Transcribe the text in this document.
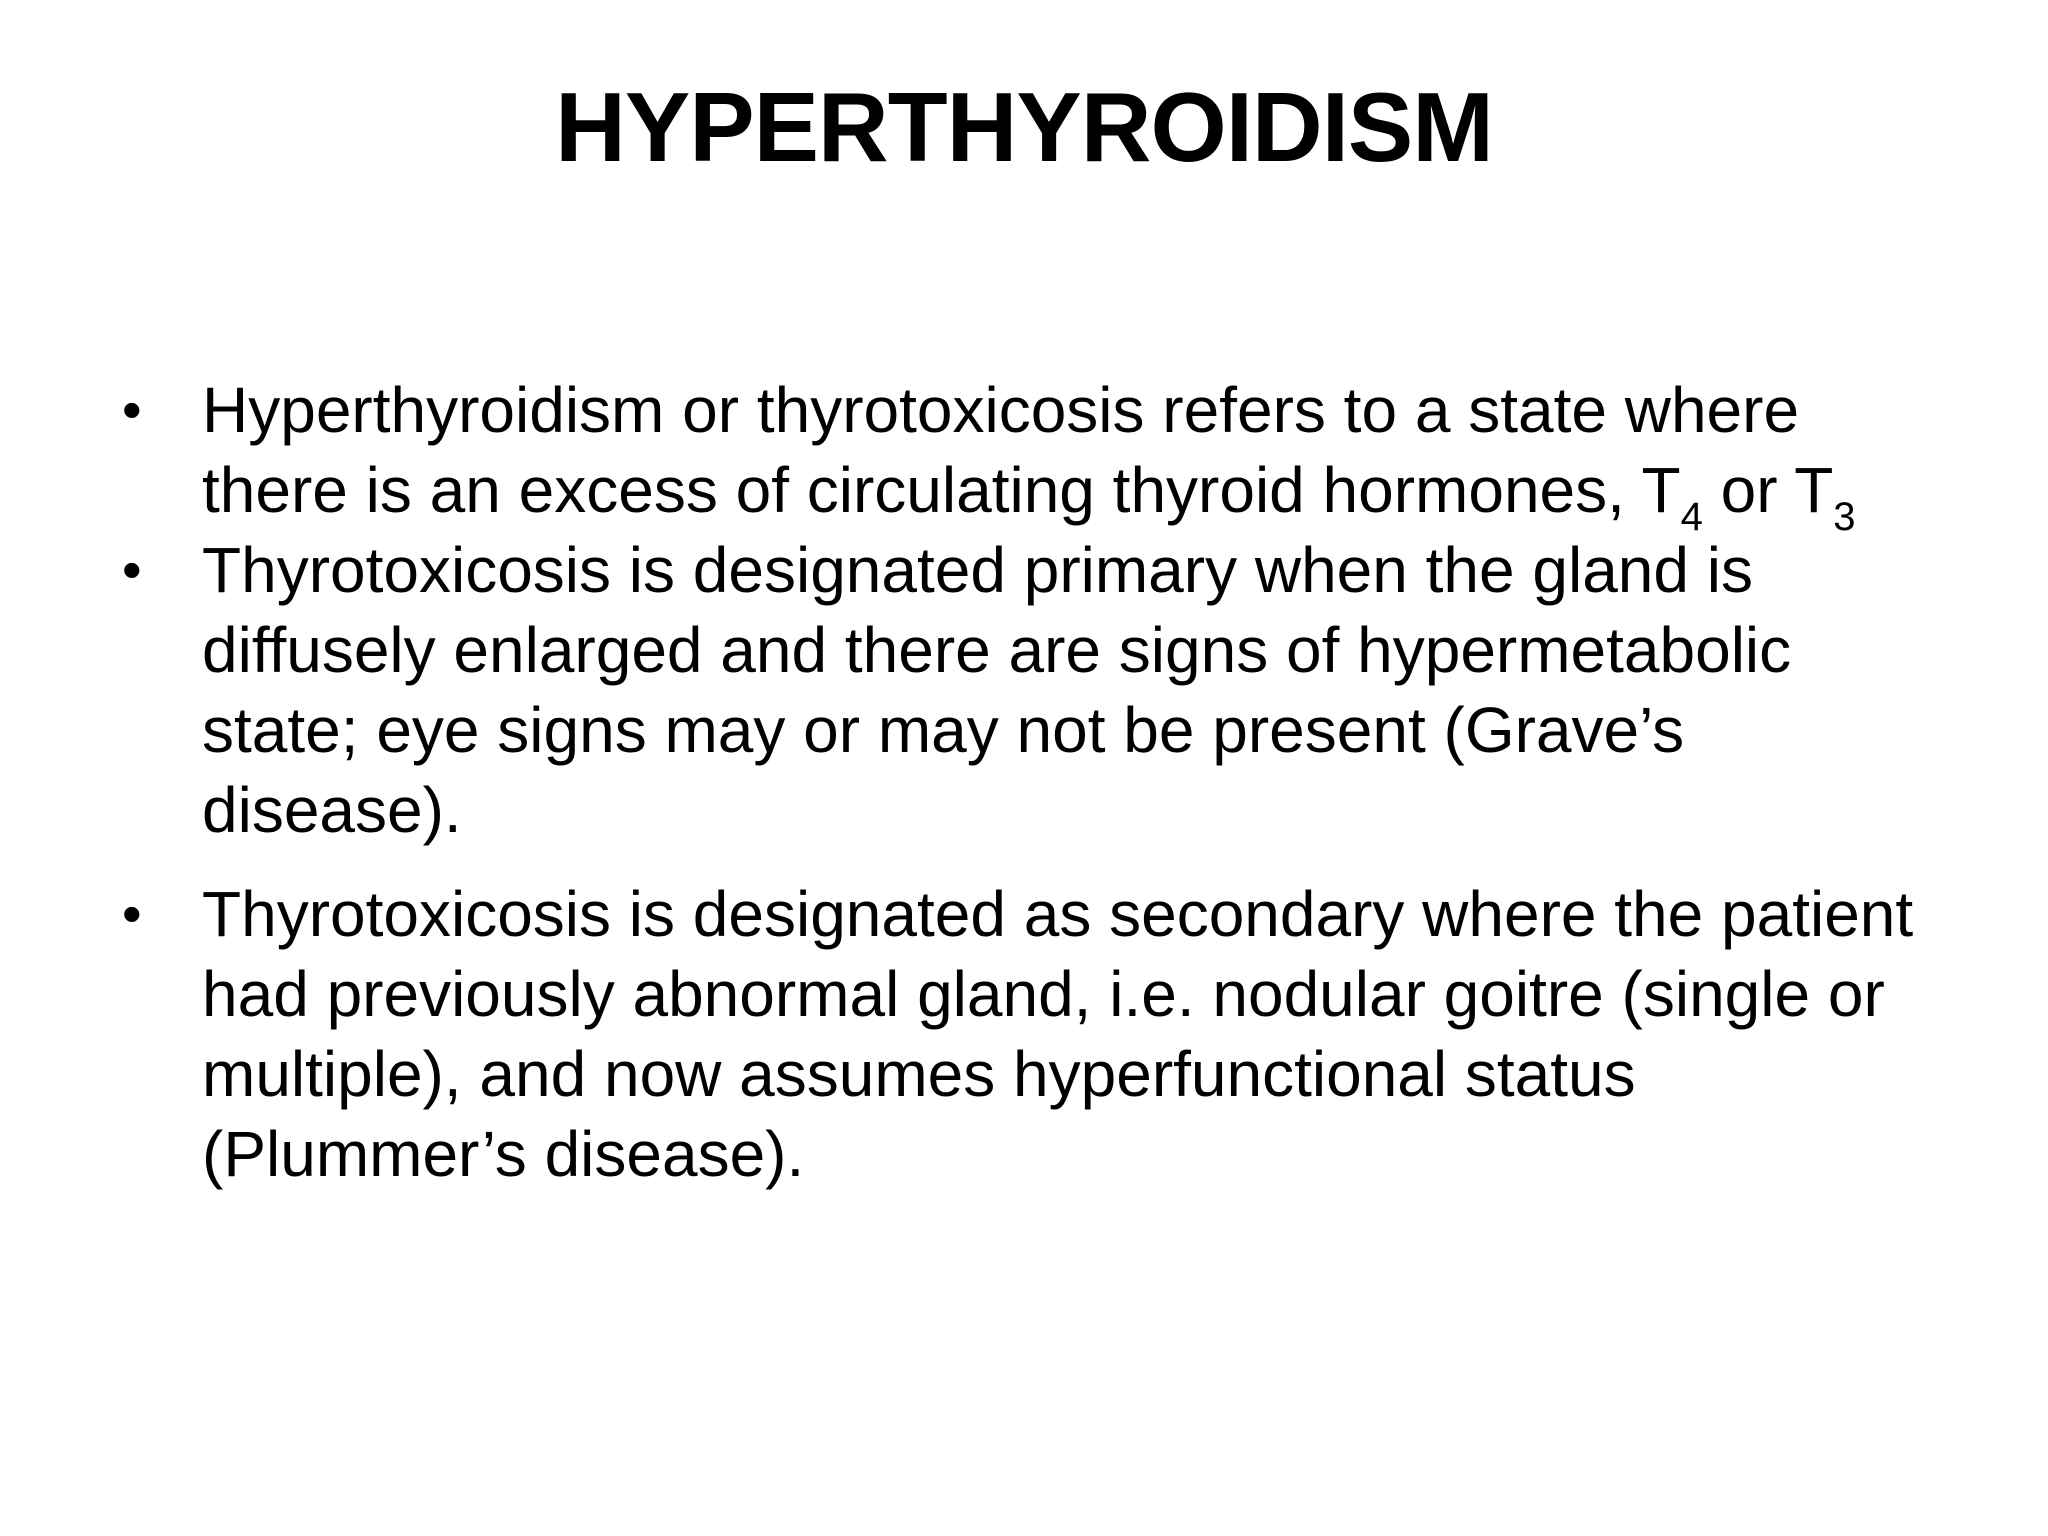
HYPERTHYROIDISM
• Hyperthyroidism or thyrotoxicosis refers to a state where there is an excess of circulating thyroid hormones, $T_4$ or $T_3$
• Thyrotoxicosis is designated primary when the gland is diffusely enlarged and there are signs of hypermetabolic state; eye signs may or may not be present (Grave’s disease).
• Thyrotoxicosis is designated as secondary where the patient had previously abnormal gland, i.e. nodular goitre (single or multiple), and now assumes hyperfunctional status (Plummer’s disease).
